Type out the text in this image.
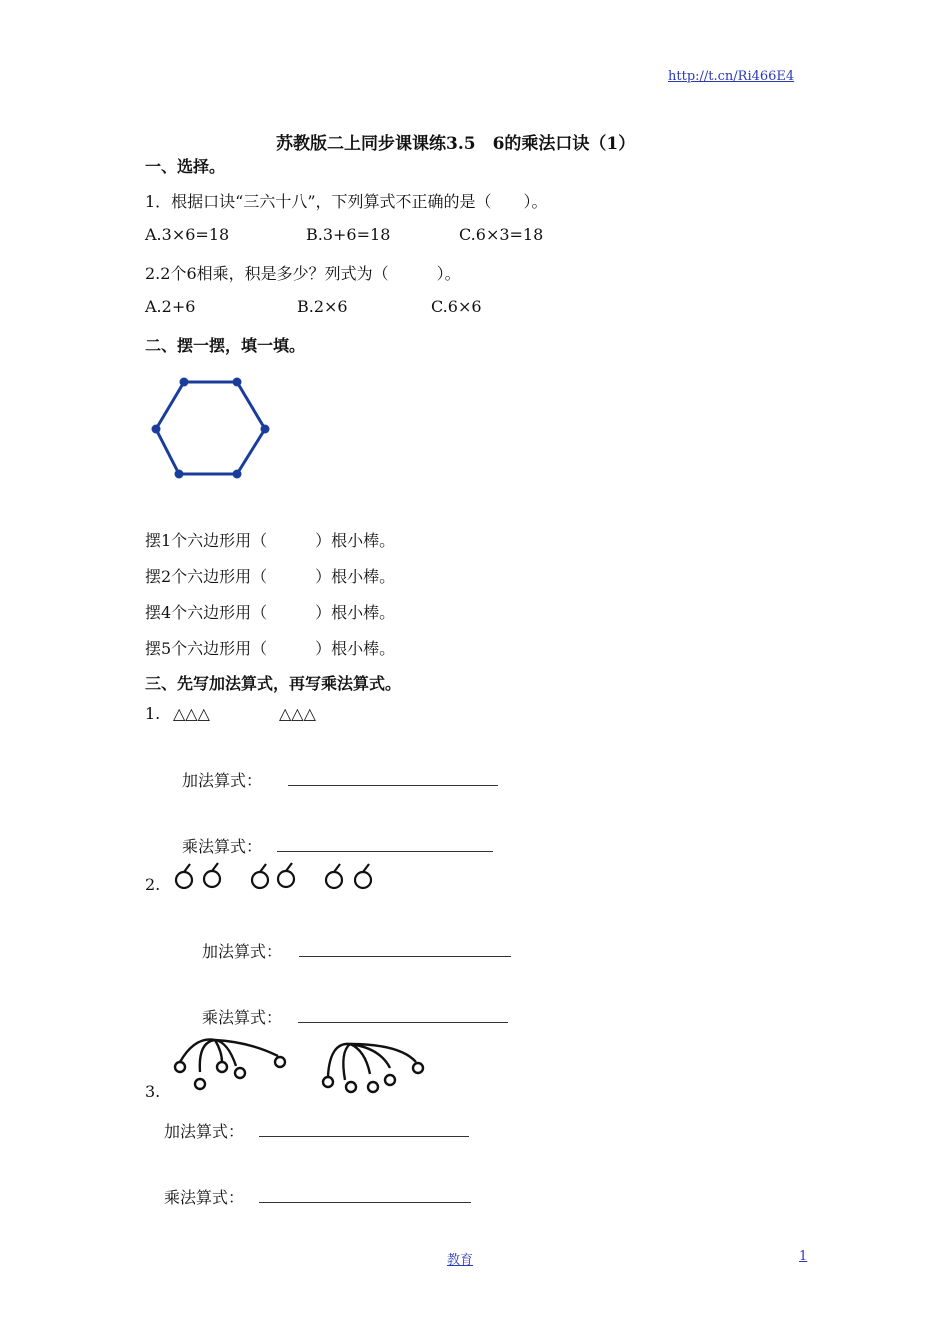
http://t.cn/Ri466E4
苏教版二上同步课课练3.5　6的乘法口诀（1）
一、选择。
1．根据口诀“三六十八”，下列算式不正确的是（　　）。
A.3×6=18	B.3+6=18	C.6×3=18
2.2个6相乘，积是多少？列式为（　　　）。
A.2+6	B.2×6	C.6×6
二、摆一摆，填一填。
摆1个六边形用（　　　）根小棒。
摆2个六边形用（　　　）根小棒。
摆4个六边形用（　　　）根小棒。
摆5个六边形用（　　　）根小棒。
三、先写加法算式，再写乘法算式。
1. △△△	△△△
加法算式：
乘法算式：
2.
加法算式：
乘法算式：
3.
加法算式：
乘法算式：
教育	1
